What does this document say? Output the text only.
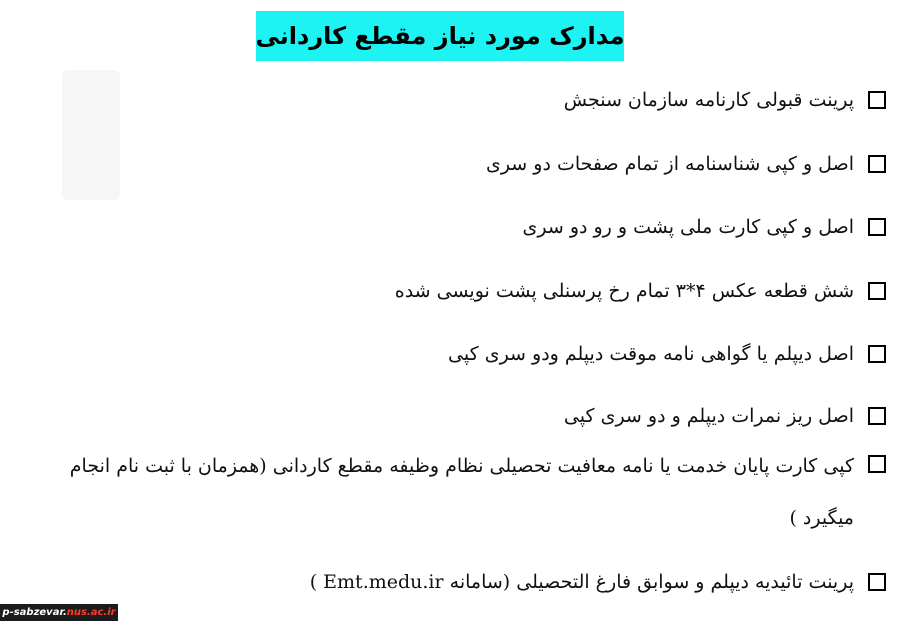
مدارک مورد نیاز مقطع کاردانی
پرینت قبولی کارنامه سازمان سنجش
اصل و کپی شناسنامه از تمام صفحات دو سری
اصل و کپی کارت ملی پشت و رو دو سری
شش قطعه عکس ۴*۳ تمام رخ پرسنلی پشت نویسی شده
اصل دیپلم یا گواهی نامه موقت دیپلم ودو سری کپی
اصل ریز نمرات دیپلم و دو سری کپی
کپی کارت پایان خدمت یا نامه معافیت تحصیلی نظام وظیفه مقطع کاردانی (همزمان با ثبت نام انجام میگیرد )
پرینت تائیدیه دیپلم و سوابق فارغ التحصیلی (سامانه Emt.medu.ir )
p-sabzevar.nus.ac.ir
